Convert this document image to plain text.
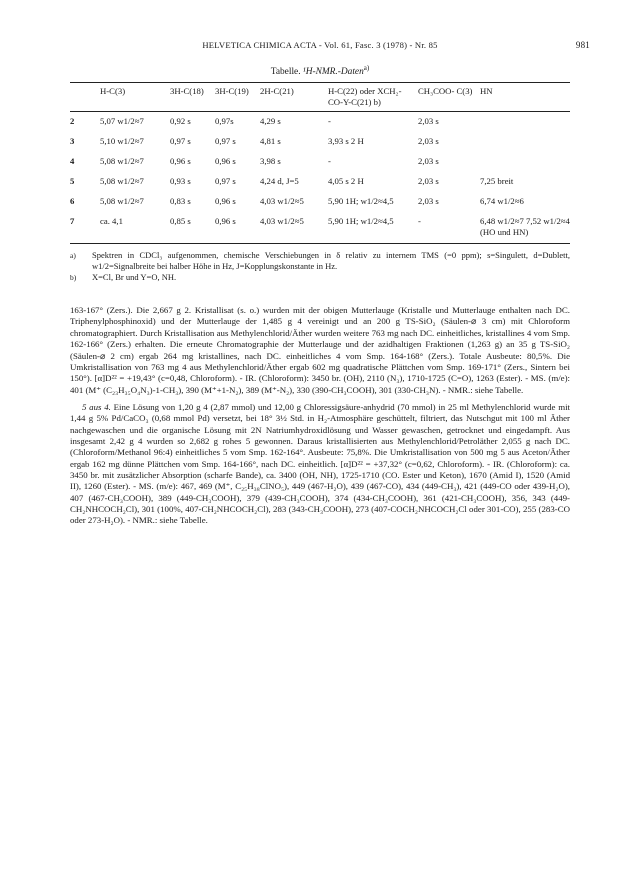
HELVETICA CHIMICA ACTA - Vol. 61, Fasc. 3 (1978) - Nr. 85	981
Tabelle. ¹H-NMR.-Daten$^{a)}$
	H-C(3)	3H-C(18)	3H-C(19)	2H-C(21)	H-C(22) oder XCH₂- CO-Y-C(21) b)	CH₃COO- C(3)	HN
2	5,07 w1/2≈7	0,92 s	0,97s	4,29 s	-	2,03 s	
3	5,10 w1/2≈7	0,97 s	0,97 s	4,81 s	3,93 s 2 H	2,03 s	
4	5,08 w1/2≈7	0,96 s	0,96 s	3,98 s	-	2,03 s	
5	5,08 w1/2≈7	0,93 s	0,97 s	4,24 d, J=5	4,05 s 2 H	2,03 s	7,25 breit
6	5,08 w1/2≈7	0,83 s	0,96 s	4,03 w1/2≈5	5,90 1H; w1/2≈4,5	2,03 s	6,74 w1/2≈6
7	ca. 4,1	0,85 s	0,96 s	4,03 w1/2≈5	5,90 1H; w1/2≈4,5	-	6,48 w1/2≈7 7,52 w1/2≈4 (HO und HN)
a)	Spektren in CDCl₃ aufgenommen, chemische Verschiebungen in δ relativ zu internem TMS (=0 ppm); s=Singulett, d=Dublett, w1/2=Signalbreite bei halber Höhe in Hz, J=Kopplungskonstante in Hz.
b)	X=Cl, Br und Y=O, NH.

163-167° (Zers.). Die 2,667 g 2. Kristallisat (s. o.) wurden mit der obigen Mutterlauge (Kristalle und Mutterlauge enthalten nach DC. Triphenylphosphinoxid) und der Mutterlauge der 1,485 g 4 vereinigt und an 200 g TS-SiO₂ (Säulen-⌀ 3 cm) mit Chloroform chromatographiert. Durch Kristallisation aus Methylenchlorid/Äther wurden weitere 763 mg nach DC. einheitliches, kristallines 4 vom Smp. 162-166° (Zers.) erhalten. Die erneute Chromatographie der Mutterlauge und der azidhaltigen Fraktionen (1,263 g) an 35 g TS-SiO₂ (Säulen-⌀ 2 cm) ergab 264 mg kristallines, nach DC. einheitliches 4 vom Smp. 164-168° (Zers.). Totale Ausbeute: 80,5%. Die Umkristallisation von 763 mg 4 aus Methylenchlorid/Äther ergab 602 mg quadratische Plättchen vom Smp. 169-171° (Zers., Sintern bei 150°). [α]D²² = +19,43° (c=0,48, Chloroform). - IR. (Chloroform): 3450 br. (OH), 2110 (N₃), 1710-1725 (C=O), 1263 (Ester). - MS. (m/e): 401 (M⁺ (C₂₃H₃₅O₄N₃)-1-CH₃), 390 (M⁺+1-N₂), 389 (M⁺-N₂), 330 (390-CH₃COOH), 301 (330-CH₃N). - NMR.: siehe Tabelle.

5 aus 4. Eine Lösung von 1,20 g 4 (2,87 mmol) und 12,00 g Chloressigsäure-anhydrid (70 mmol) in 25 ml Methylenchlorid wurde mit 1,44 g 5% Pd/CaCO₃ (0,68 mmol Pd) versetzt, bei 18° 3½ Std. in H₂-Atmosphäre geschüttelt, filtriert, das Nutschgut mit 100 ml Äther nachgewaschen und die organische Lösung mit 2N Natriumhydroxidlösung und Wasser gewaschen, getrocknet und eingedampft. Aus insgesamt 2,42 g 4 wurden so 2,682 g rohes 5 gewonnen. Daraus kristallisierten aus Methylenchlorid/Petroläther 2,055 g nach DC. (Chloroform/Methanol 96:4) einheitliches 5 vom Smp. 162-164°. Ausbeute: 75,8%. Die Umkristallisation von 500 mg 5 aus Aceton/Äther ergab 162 mg dünne Plättchen vom Smp. 164-166°, nach DC. einheitlich. [α]D²² = +37,32° (c=0,62, Chloroform). - IR. (Chloroform): ca. 3450 br. mit zusätzlicher Absorption (scharfe Bande), ca. 3400 (OH, NH), 1725-1710 (CO. Ester und Keton), 1670 (Amid I), 1520 (Amid II), 1260 (Ester). - MS. (m/e): 467, 469 (M⁺, C₂₅H₃₈ClNO₅), 449 (467-H₂O), 439 (467-CO), 434 (449-CH₃), 421 (449-CO oder 439-H₂O), 407 (467-CH₃COOH), 389 (449-CH₃COOH), 379 (439-CH₃COOH), 374 (434-CH₃COOH), 361 (421-CH₃COOH), 356, 343 (449-CH₂NHCOCH₂Cl), 301 (100%, 407-CH₂NHCOCH₂Cl), 283 (343-CH₃COOH), 273 (407-COCH₂NHCOCH₂Cl oder 301-CO), 255 (283-CO oder 273-H₂O). - NMR.: siehe Tabelle.
